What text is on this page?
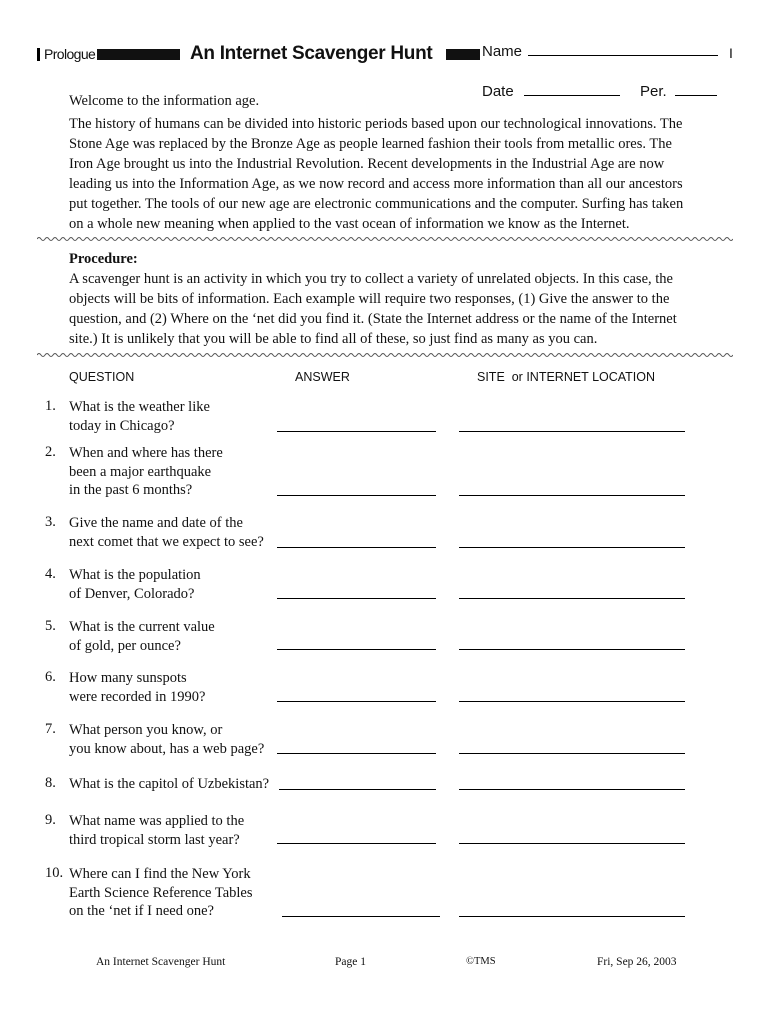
Prologue	An Internet Scavenger Hunt	Name	I
Date	Per.
Welcome to the information age.
The history of humans can be divided into historic periods based upon our technological innovations. The
Stone Age was replaced by the Bronze Age as people learned fashion their tools from metallic ores. The
Iron Age brought us into the Industrial Revolution. Recent developments in the Industrial Age are now
leading us into the Information Age, as we now record and access more information than all our ancestors
put together. The tools of our new age are electronic communications and the computer. Surfing has taken
on a whole new meaning when applied to the vast ocean of information we know as the Internet.
Procedure:
A scavenger hunt is an activity in which you try to collect a variety of unrelated objects. In this case, the
objects will be bits of information. Each example will require two responses, (1) Give the answer to the
question, and (2) Where on the ‘net did you find it. (State the Internet address or the name of the Internet
site.) It is unlikely that you will be able to find all of these, so just find as many as you can.
QUESTION	ANSWER	SITE  or INTERNET LOCATION
1. What is the weather like
today in Chicago?
2. When and where has there
been a major earthquake
in the past 6 months?
3. Give the name and date of the
next comet that we expect to see?
4. What is the population
of Denver, Colorado?
5. What is the current value
of gold, per ounce?
6. How many sunspots
were recorded in 1990?
7. What person you know, or
you know about, has a web page?
8. What is the capitol of Uzbekistan?
9. What name was applied to the
third tropical storm last year?
10. Where can I find the New York
Earth Science Reference Tables
on the ‘net if I need one?
An Internet Scavenger Hunt	Page 1	©TMS	Fri, Sep 26, 2003
